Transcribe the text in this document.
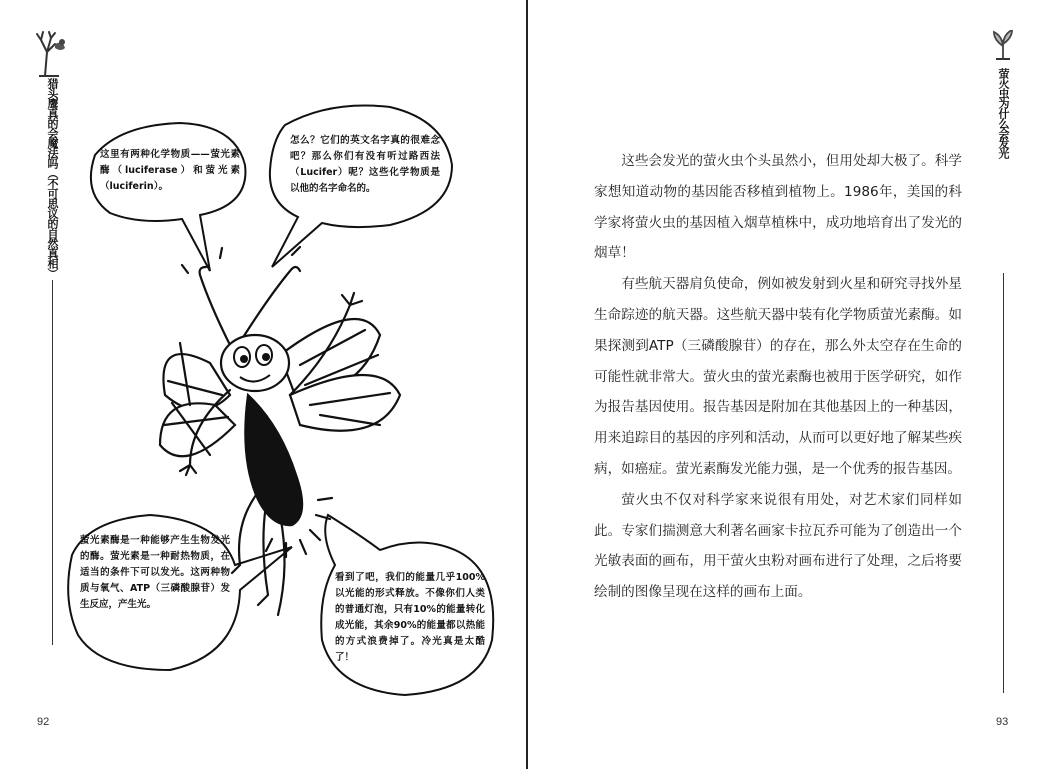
猎头鹰真的会魔法吗（不可思议的自然真相）
92
这里有两种化学物质——萤光素酶（luciferase）和萤光素（luciferin）。
怎么？它们的英文名字真的很难念吧？那么你们有没有听过路西法（Lucifer）呢？这些化学物质是以他的名字命名的。
萤光素酶是一种能够产生生物发光的酶。萤光素是一种耐热物质，在适当的条件下可以发光。这两种物质与氧气、ATP（三磷酸腺苷）发生反应，产生光。
看到了吧，我们的能量几乎100%以光能的形式释放。不像你们人类的普通灯泡，只有10%的能量转化成光能，其余90%的能量都以热能的方式浪费掉了。冷光真是太酷了！

这些会发光的萤火虫个头虽然小，但用处却大极了。科学家想知道动物的基因能否移植到植物上。1986年，美国的科学家将萤火虫的基因植入烟草植株中，成功地培育出了发光的烟草！

有些航天器肩负使命，例如被发射到火星和研究寻找外星生命踪迹的航天器。这些航天器中装有化学物质萤光素酶。如果探测到ATP（三磷酸腺苷）的存在，那么外太空存在生命的可能性就非常大。萤火虫的萤光素酶也被用于医学研究，如作为报告基因使用。报告基因是附加在其他基因上的一种基因，用来追踪目的基因的序列和活动，从而可以更好地了解某些疾病，如癌症。萤光素酶发光能力强，是一个优秀的报告基因。

萤火虫不仅对科学家来说很有用处，对艺术家们同样如此。专家们揣测意大利著名画家卡拉瓦乔可能为了创造出一个光敏表面的画布，用干萤火虫粉对画布进行了处理，之后将要绘制的图像呈现在这样的画布上面。

萤火虫为什么会发光
93
